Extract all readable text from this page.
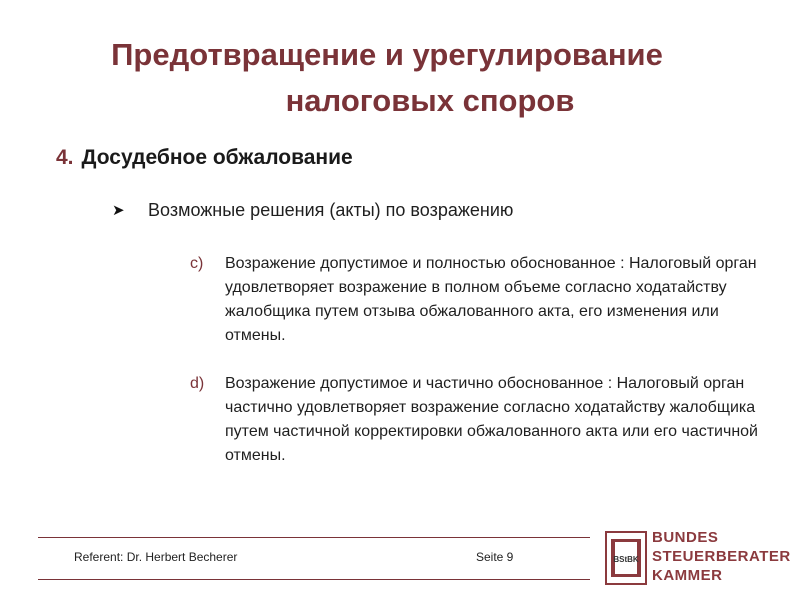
Предотвращение и урегулирование
налоговых споров
4. Досудебное обжалование
➤ Возможные решения (акты) по возражению
c) Возражение допустимое и полностью обоснованное : Налоговый орган удовлетворяет возражение в полном объеме согласно ходатайству жалобщика путем отзыва обжалованного акта, его изменения или отмены.
d) Возражение допустимое и частично обоснованное : Налоговый орган частично удовлетворяет возражение согласно ходатайству жалобщика путем частичной корректировки обжалованного акта или его частичной отмены.
Referent: Dr. Herbert Becherer	Seite 9	BStBK
BUNDES
STEUERBERATER
KAMMER
